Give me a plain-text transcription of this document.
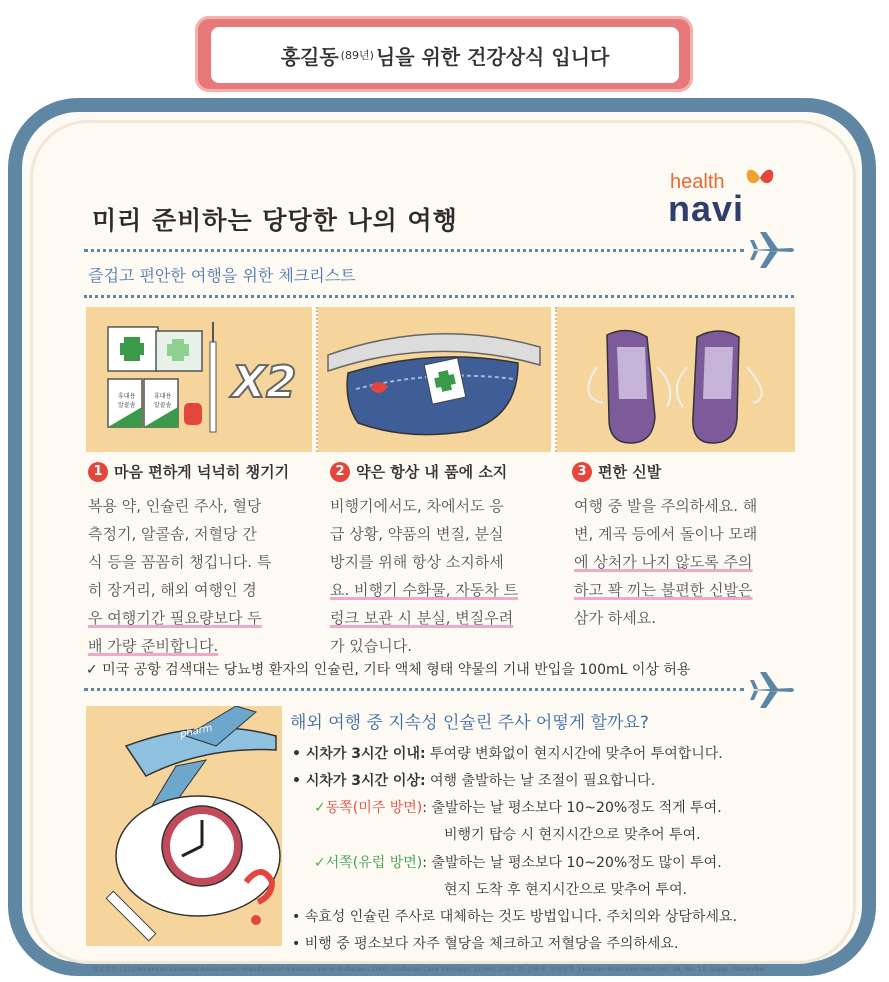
홍길동 (89년) 님을 위한 건강상식 입니다
health
navi
미리 준비하는 당당한 나의 여행
즐겁고 편안한 여행을 위한 체크리스트
휴대용
알콜솜
휴대용
알콜솜 X2
1 마음 편하게 넉넉히 챙기기
복용 약, 인슐린 주사, 혈당
측정기, 알콜솜, 저혈당 간
식 등을 꼼꼼히 챙깁니다. 특
히 장거리, 해외 여행인 경
우 여행기간 필요량보다 두
배 가량 준비합니다.
2 약은 항상 내 품에 소지
비행기에서도, 차에서도 응
급 상황, 약품의 변질, 분실
방지를 위해 항상 소지하세
요. 비행기 수화물, 자동차 트
렁크 보관 시 분실, 변질우려
가 있습니다.
3 편한 신발
여행 중 발을 주의하세요. 해
변, 계곡 등에서 돌이나 모래
에 상처가 나지 않도록 주의
하고 꽉 끼는 불편한 신발은
삼가 하세요.
✓ 미국 공항 검색대는 당뇨병 환자의 인슐린, 기타 액체 형태 약물의 기내 반입을 100mL 이상 허용
pharm	해외 여행 중 지속성 인슐린 주사 어떻게 할까요?
• 시차가 3시간 이내: 투여량 변화없이 현지시간에 맞추어 투여합니다.
• 시차가 3시간 이상: 여행 출발하는 날 조절이 필요합니다.
✓동쪽(미주 방면): 출발하는 날 평소보다 10~20%정도 적게 투여.
비행기 탑승 시 현지시간으로 맞추어 투여.
✓서쪽(유럽 방면): 출발하는 날 평소보다 10~20%정도 많이 투여.
현지 도착 후 현지시간으로 맞추어 투여.
• 속효성 인슐린 주사로 대체하는 것도 방법입니다. 주치의와 상담하세요.
• 비행 중 평소보다 자주 혈당을 체크하고 저혈당을 주의하세요.
참고문헌 : 1) CAmerican Diabetes Association: Standards of medical care in diabetes—2007. Diabetes Care 30(Suppl. 1):S60, 2007 2) 김영재. 여행의학. J Korean Acad Fam Med. Vol. 28, No. 11, Suppl. November
